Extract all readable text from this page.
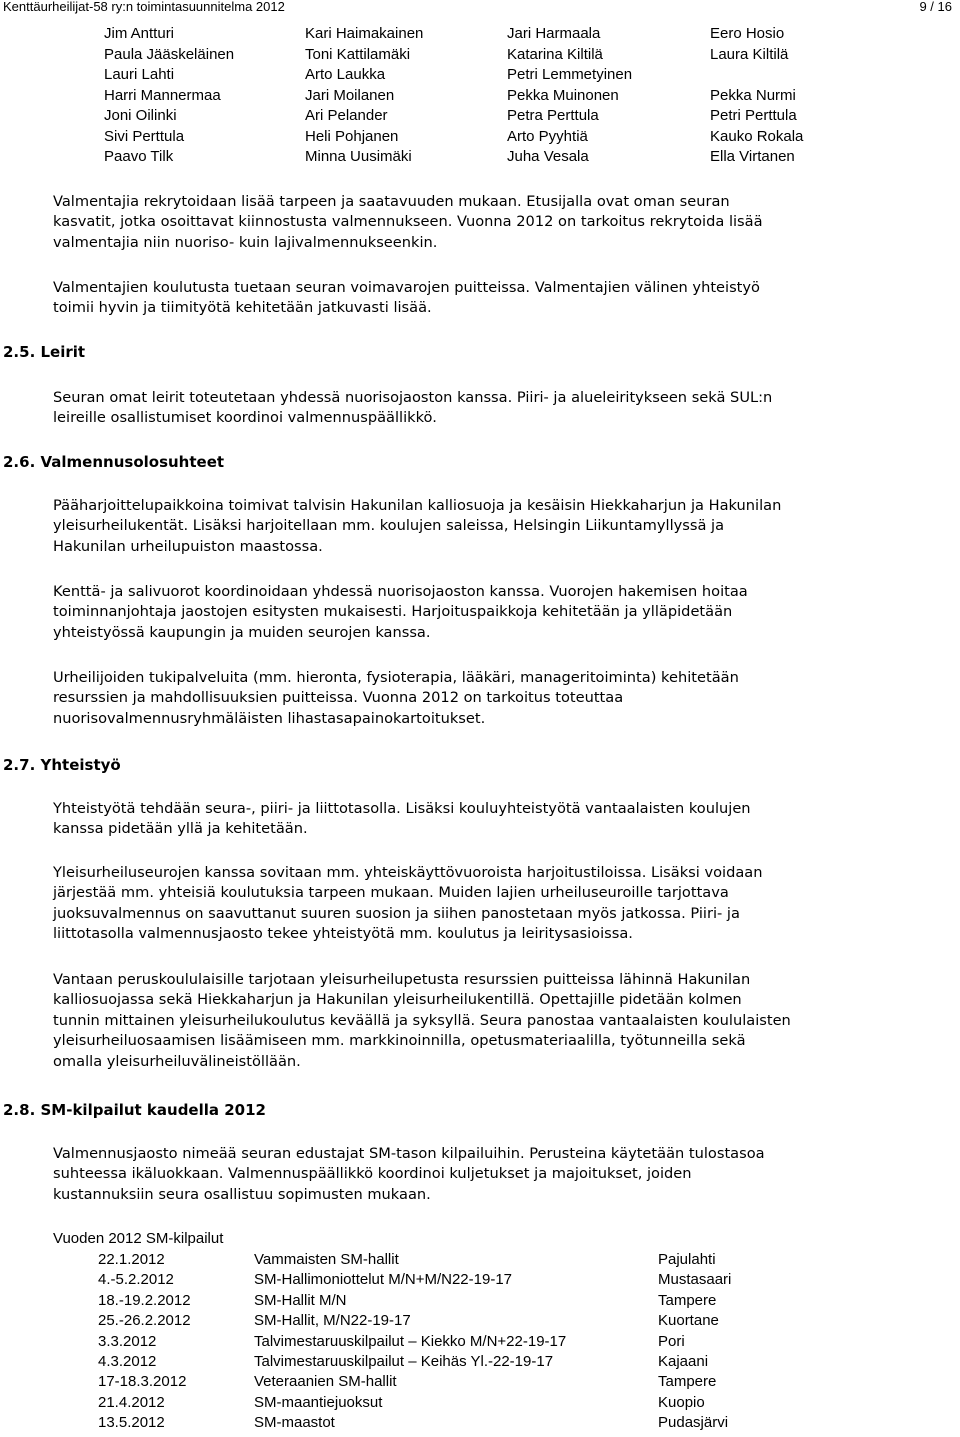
Kenttäurheilijat-58 ry:n toimintasuunnitelma 2012	9 / 16
Jim Antturi	Kari Haimakainen	Jari Harmaala	Eero Hosio
Paula Jääskeläinen	Toni Kattilamäki	Katarina Kiltilä	Laura Kiltilä
Lauri Lahti	Arto Laukka	Petri Lemmetyinen
Harri Mannermaa	Jari Moilanen	Pekka Muinonen	Pekka Nurmi
Joni Oilinki	Ari Pelander	Petra Perttula	Petri Perttula
Sivi Perttula	Heli Pohjanen	Arto Pyyhtiä	Kauko Rokala
Paavo Tilk	Minna Uusimäki	Juha Vesala	Ella Virtanen

Valmentajia rekrytoidaan lisää tarpeen ja saatavuuden mukaan. Etusijalla ovat oman seuran
kasvatit, jotka osoittavat kiinnostusta valmennukseen. Vuonna 2012 on tarkoitus rekrytoida lisää
valmentajia niin nuoriso- kuin lajivalmennukseenkin.

Valmentajien koulutusta tuetaan seuran voimavarojen puitteissa. Valmentajien välinen yhteistyö
toimii hyvin ja tiimityötä kehitetään jatkuvasti lisää.

2.5. Leirit

Seuran omat leirit toteutetaan yhdessä nuorisojaoston kanssa. Piiri- ja alueleiritykseen sekä SUL:n
leireille osallistumiset koordinoi valmennuspäällikkö.

2.6. Valmennusolosuhteet

Pääharjoittelupaikkoina toimivat talvisin Hakunilan kalliosuoja ja kesäisin Hiekkaharjun ja Hakunilan
yleisurheilukentät. Lisäksi harjoitellaan mm. koulujen saleissa, Helsingin Liikuntamyllyssä ja
Hakunilan urheilupuiston maastossa.

Kenttä- ja salivuorot koordinoidaan yhdessä nuorisojaoston kanssa. Vuorojen hakemisen hoitaa
toiminnanjohtaja jaostojen esitysten mukaisesti. Harjoituspaikkoja kehitetään ja ylläpidetään
yhteistyössä kaupungin ja muiden seurojen kanssa.

Urheilijoiden tukipalveluita (mm. hieronta, fysioterapia, lääkäri, manageritoiminta) kehitetään
resurssien ja mahdollisuuksien puitteissa. Vuonna 2012 on tarkoitus toteuttaa
nuorisovalmennusryhmäläisten lihastasapainokartoitukset.

2.7. Yhteistyö

Yhteistyötä tehdään seura-, piiri- ja liittotasolla. Lisäksi kouluyhteistyötä vantaalaisten koulujen
kanssa pidetään yllä ja kehitetään.

Yleisurheiluseurojen kanssa sovitaan mm. yhteiskäyttövuoroista harjoitustiloissa. Lisäksi voidaan
järjestää mm. yhteisiä koulutuksia tarpeen mukaan. Muiden lajien urheiluseuroille tarjottava
juoksuvalmennus on saavuttanut suuren suosion ja siihen panostetaan myös jatkossa. Piiri- ja
liittotasolla valmennusjaosto tekee yhteistyötä mm. koulutus ja leiritysasioissa.

Vantaan peruskoululaisille tarjotaan yleisurheilupetusta resurssien puitteissa lähinnä Hakunilan
kalliosuojassa sekä Hiekkaharjun ja Hakunilan yleisurheilukentillä. Opettajille pidetään kolmen
tunnin mittainen yleisurheilukoulutus keväällä ja syksyllä. Seura panostaa vantaalaisten koululaisten
yleisurheiluosaamisen lisäämiseen mm. markkinoinnilla, opetusmateriaalilla, työtunneilla sekä
omalla yleisurheiluvälineistöllään.

2.8. SM-kilpailut kaudella 2012

Valmennusjaosto nimeää seuran edustajat SM-tason kilpailuihin. Perusteina käytetään tulostasoa
suhteessa ikäluokkaan. Valmennuspäällikkö koordinoi kuljetukset ja majoitukset, joiden
kustannuksiin seura osallistuu sopimusten mukaan.

Vuoden 2012 SM-kilpailut
22.1.2012	Vammaisten SM-hallit	Pajulahti
4.-5.2.2012	SM-Hallimoniottelut M/N+M/N22-19-17	Mustasaari
18.-19.2.2012	SM-Hallit M/N	Tampere
25.-26.2.2012	SM-Hallit, M/N22-19-17	Kuortane
3.3.2012	Talvimestaruuskilpailut – Kiekko M/N+22-19-17	Pori
4.3.2012	Talvimestaruuskilpailut – Keihäs Yl.-22-19-17	Kajaani
17-18.3.2012	Veteraanien SM-hallit	Tampere
21.4.2012	SM-maantiejuoksut	Kuopio
13.5.2012	SM-maastot	Pudasjärvi
